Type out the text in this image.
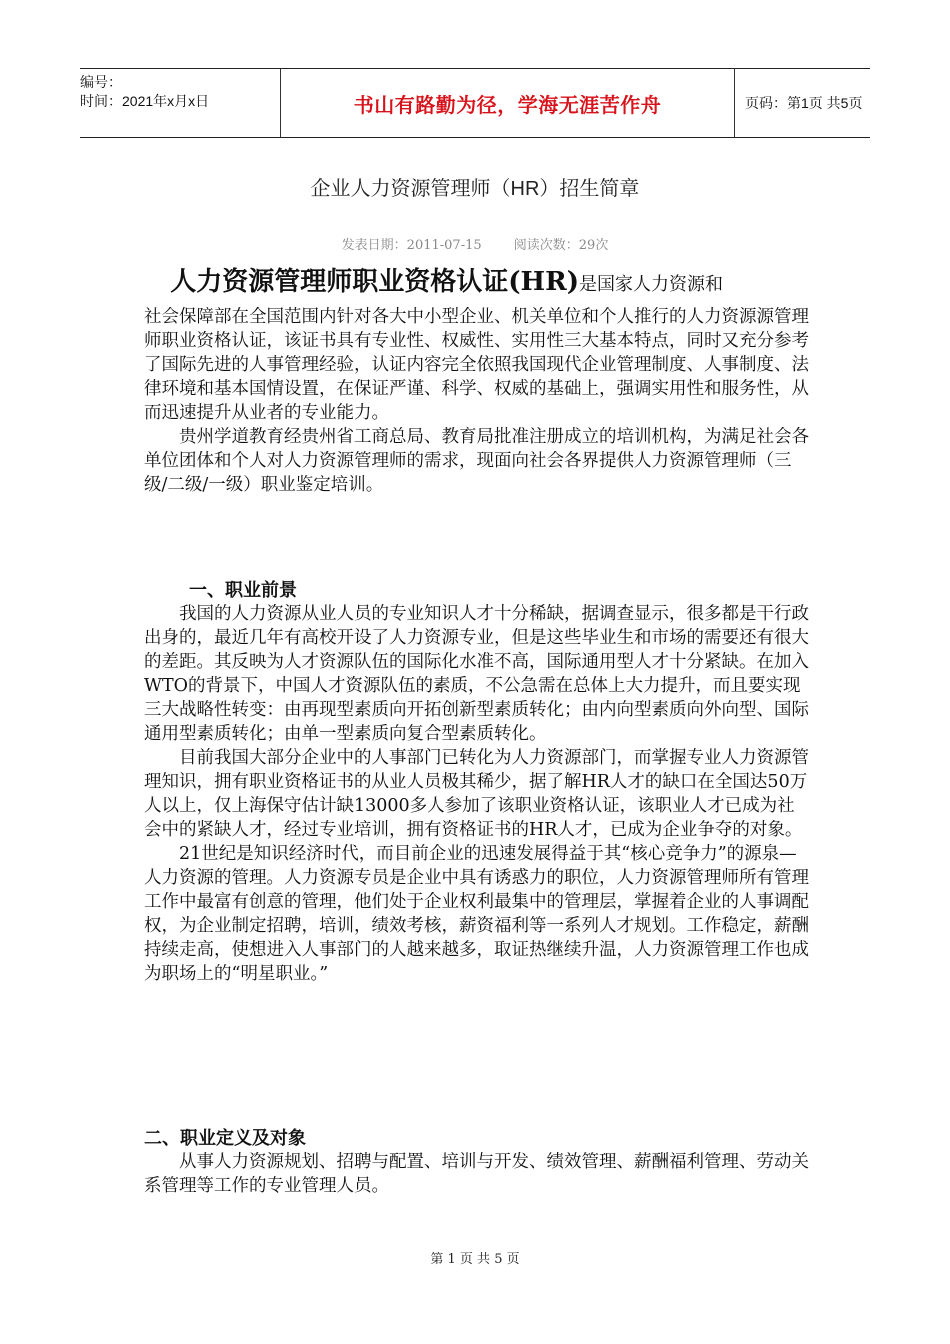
编号：
时间：2021年x月x日	书山有路勤为径，学海无涯苦作舟	页码：第1页 共5页
企业人力资源管理师（HR）招生简章
发表日期：2011-07-15 阅读次数：29次

人力资源管理师职业资格认证(HR)是国家人力资源和

社会保障部在全国范围内针对各大中小型企业、机关单位和个人推行的人力资源源管理师职业资格认证，该证书具有专业性、权威性、实用性三大基本特点，同时又充分参考了国际先进的人事管理经验，认证内容完全依照我国现代企业管理制度、人事制度、法律环境和基本国情设置，在保证严谨、科学、权威的基础上，强调实用性和服务性，从而迅速提升从业者的专业能力。

贵州学道教育经贵州省工商总局、教育局批准注册成立的培训机构，为满足社会各单位团体和个人对人力资源管理师的需求，现面向社会各界提供人力资源管理师（三级/二级/一级）职业鉴定培训。

一、职业前景

我国的人力资源从业人员的专业知识人才十分稀缺，据调查显示，很多都是干行政出身的，最近几年有高校开设了人力资源专业，但是这些毕业生和市场的需要还有很大的差距。其反映为人才资源队伍的国际化水准不高，国际通用型人才十分紧缺。在加入WTO的背景下，中国人才资源队伍的素质，不公急需在总体上大力提升，而且要实现三大战略性转变：由再现型素质向开拓创新型素质转化；由内向型素质向外向型、国际通用型素质转化；由单一型素质向复合型素质转化。

目前我国大部分企业中的人事部门已转化为人力资源部门，而掌握专业人力资源管理知识，拥有职业资格证书的从业人员极其稀少，据了解HR人才的缺口在全国达50万人以上，仅上海保守估计缺13000多人参加了该职业资格认证，该职业人才已成为社会中的紧缺人才，经过专业培训，拥有资格证书的HR人才，已成为企业争夺的对象。

21世纪是知识经济时代，而目前企业的迅速发展得益于其“核心竞争力”的源泉—人力资源的管理。人力资源专员是企业中具有诱惑力的职位，人力资源管理师所有管理工作中最富有创意的管理，他们处于企业权利最集中的管理层，掌握着企业的人事调配权，为企业制定招聘，培训，绩效考核，薪资福利等一系列人才规划。工作稳定，薪酬持续走高，使想进入人事部门的人越来越多，取证热继续升温，人力资源管理工作也成为职场上的“明星职业。”

二、职业定义及对象

从事人力资源规划、招聘与配置、培训与开发、绩效管理、薪酬福利管理、劳动关系管理等工作的专业管理人员。

第 1 页 共 5 页
